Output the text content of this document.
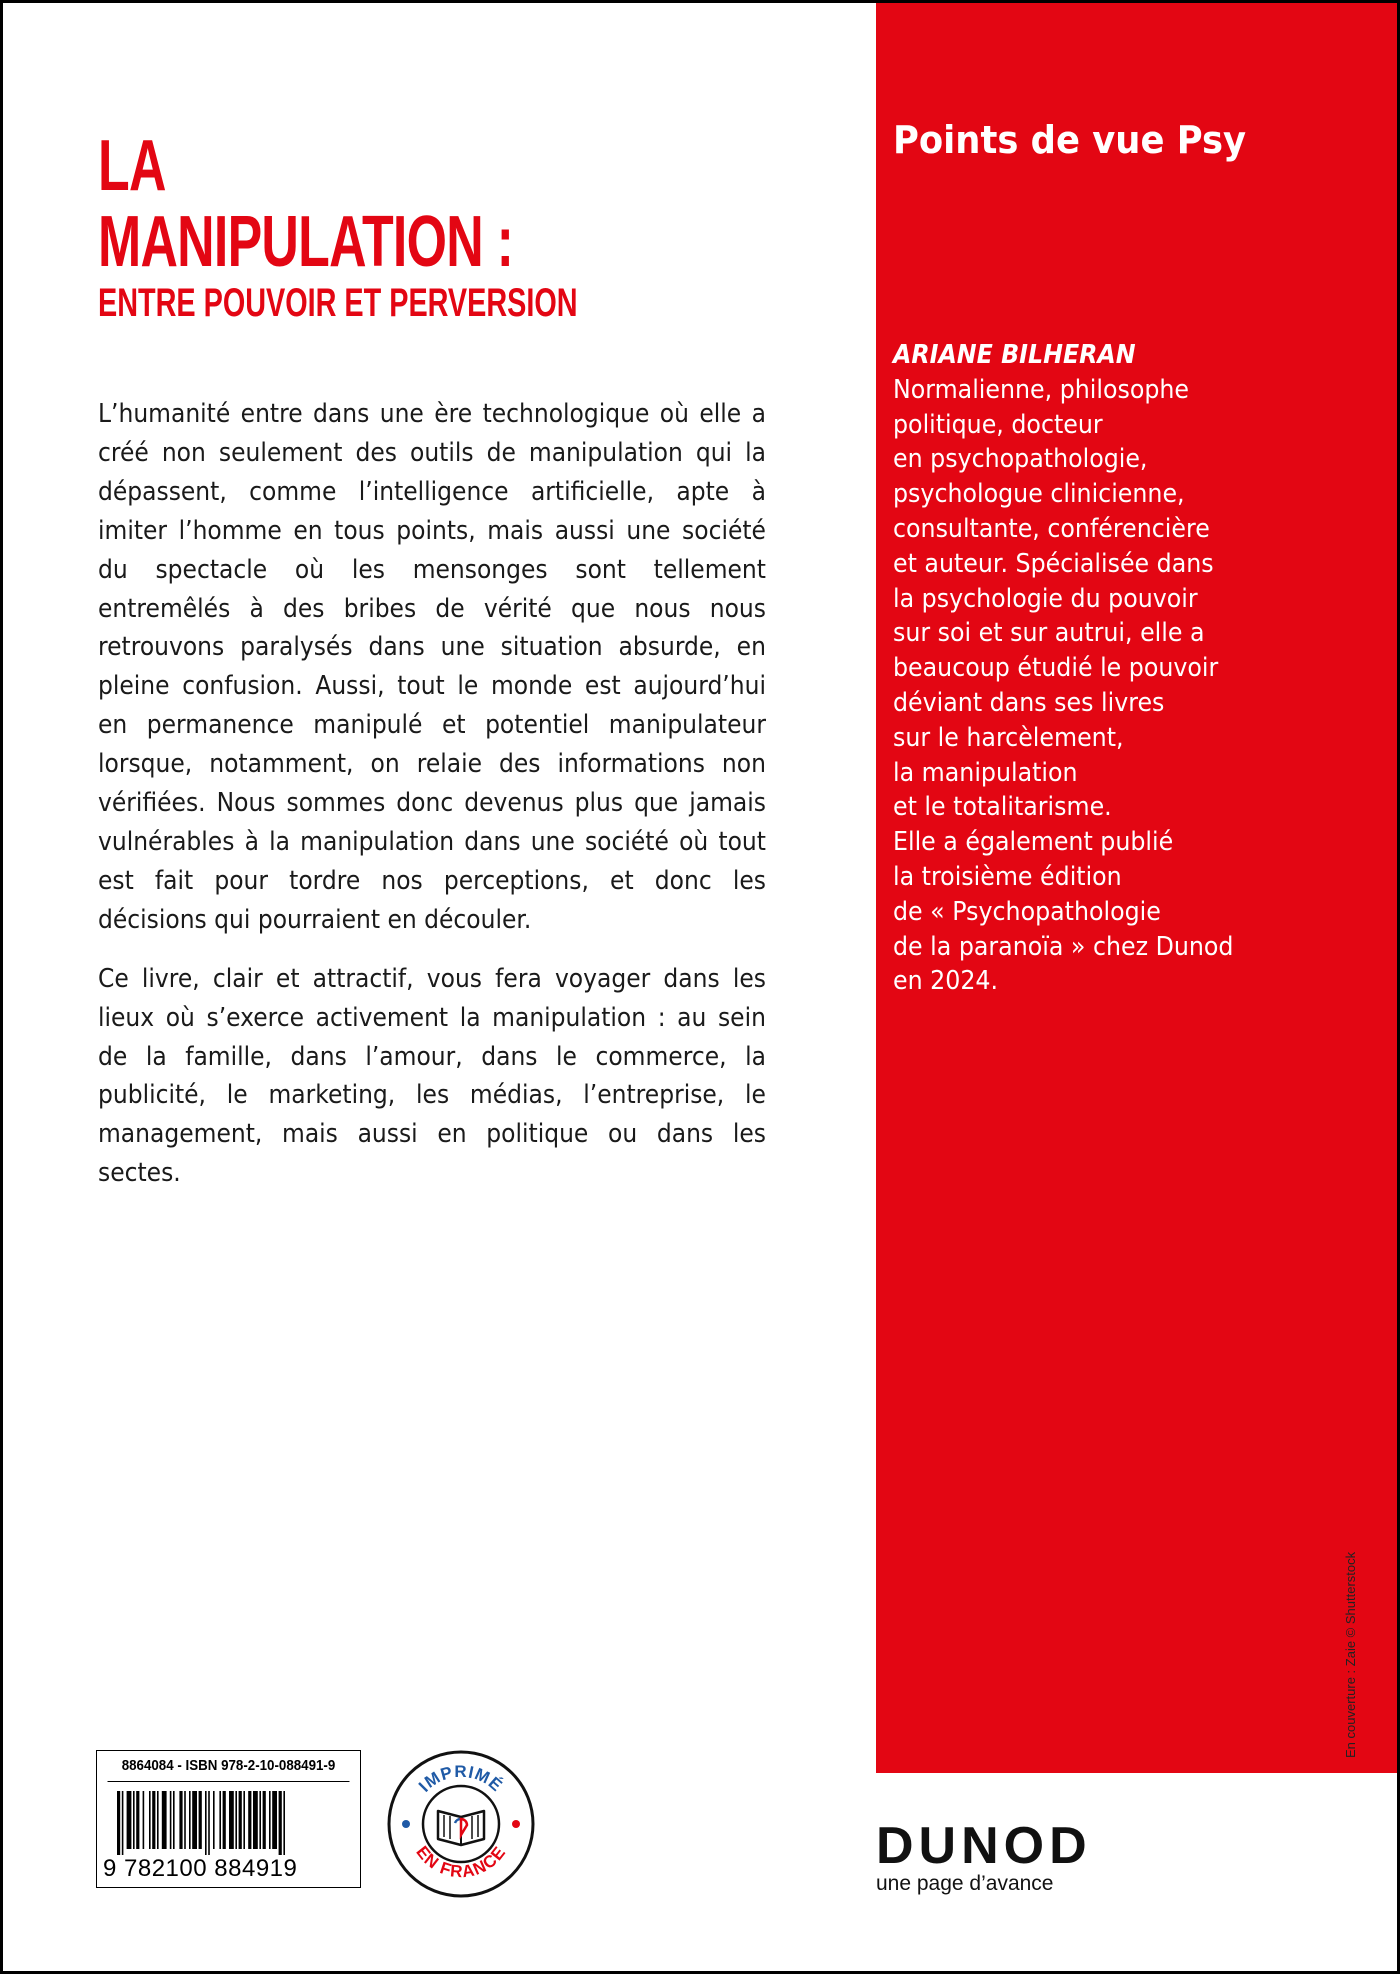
LA
MANIPULATION :
ENTRE POUVOIR ET PERVERSION

L’humanité entre dans une ère technologique où elle a créé non seulement des outils de manipulation qui la dépassent, comme l’intelligence artificielle, apte à imiter l’homme en tous points, mais aussi une société du spectacle où les mensonges sont tellement entremêlés à des bribes de vérité que nous nous retrouvons paralysés dans une situation absurde, en pleine confusion. Aussi, tout le monde est aujourd’hui en permanence manipulé et potentiel manipulateur lorsque, notamment, on relaie des informations non vérifiées. Nous sommes donc devenus plus que jamais vulnérables à la manipulation dans une société où tout est fait pour tordre nos perceptions, et donc les décisions qui pourraient en découler.

Ce livre, clair et attractif, vous fera voyager dans les lieux où s’exerce activement la manipulation : au sein de la famille, dans l’amour, dans le commerce, la publicité, le marketing, les médias, l’entreprise, le management, mais aussi en politique ou dans les sectes.

Points de vue Psy
ARIANE BILHERAN
Normalienne, philosophe
politique, docteur
en psychopathologie,
psychologue clinicienne,
consultante, conférencière
et auteur. Spécialisée dans
la psychologie du pouvoir
sur soi et sur autrui, elle a
beaucoup étudié le pouvoir
déviant dans ses livres
sur le harcèlement,
la manipulation
et le totalitarisme.
Elle a également publié
la troisième édition
de « Psychopathologie
de la paranoïa » chez Dunod
en 2024.
En couverture : Zaie © Shutterstock
8864084 - ISBN 978-2-10-088491-9
9 782100 884919
IMPRIMÉ
EN FRANCE	DUNOD
une page d’avance
